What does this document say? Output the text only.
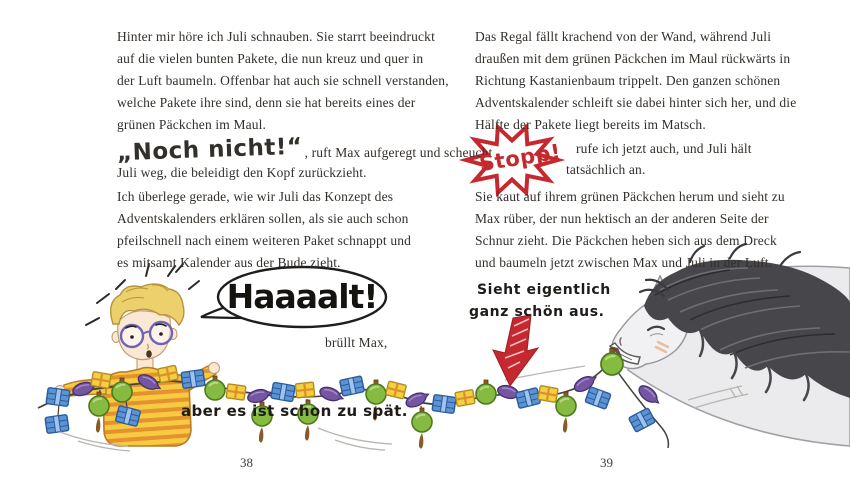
Hinter mir höre ich Juli schnauben. Sie starrt beeindruckt
auf die vielen bunten Pakete, die nun kreuz und quer in
der Luft baumeln. Offenbar hat auch sie schnell verstanden,
welche Pakete ihre sind, denn sie hat bereits eines der
grünen Päckchen im Maul.
„Noch nicht!“ , ruft Max aufgeregt und scheucht
Juli weg, die beleidigt den Kopf zurückzieht.
Ich überlege gerade, wie wir Juli das Konzept des
Adventskalenders erklären sollen, als sie auch schon
pfeilschnell nach einem weiteren Paket schnappt und
es mitsamt Kalender aus der Bude zieht.
Haaaalt!
brüllt Max,
aber es ist schon zu spät.
38
Das Regal fällt krachend von der Wand, während Juli
draußen mit dem grünen Päckchen im Maul rückwärts in
Richtung Kastanienbaum trippelt. Den ganzen schönen
Adventskalender schleift sie dabei hinter sich her, und die
Hälfte der Pakete liegt bereits im Matsch.
Stopp! rufe ich jetzt auch, und Juli hält
tatsächlich an.
Sie kaut auf ihrem grünen Päckchen herum und sieht zu
Max rüber, der nun hektisch an der anderen Seite der
Schnur zieht. Die Päckchen heben sich aus dem Dreck
und baumeln jetzt zwischen Max und Juli in der Luft.
Sieht eigentlich
ganz schön aus.
39
